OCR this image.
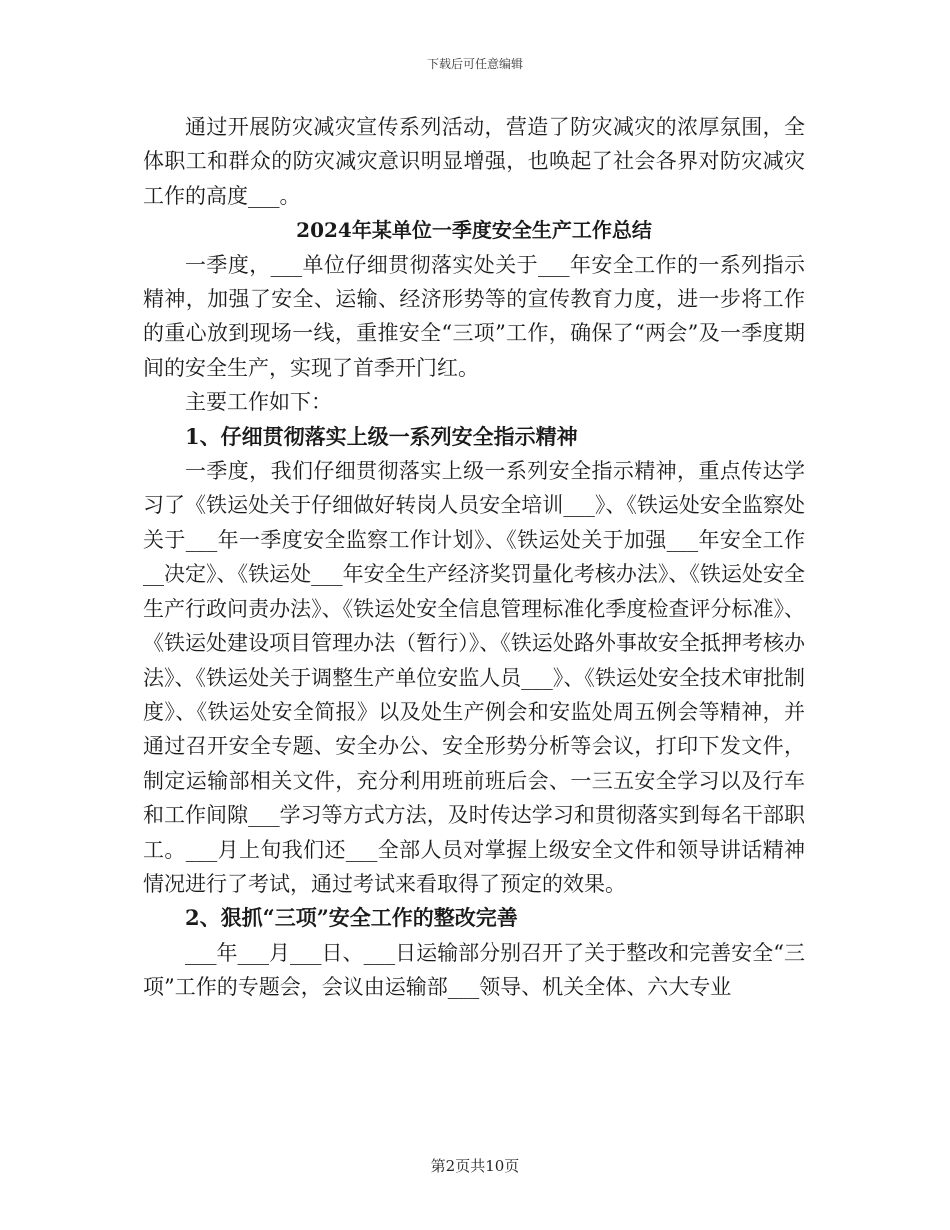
下载后可任意编辑

通过开展防灾减灾宣传系列活动，营造了防灾减灾的浓厚氛围，全体职工和群众的防灾减灾意识明显增强，也唤起了社会各界对防灾减灾工作的高度___。

2024年某单位一季度安全生产工作总结

一季度，___单位仔细贯彻落实处关于___年安全工作的一系列指示精神，加强了安全、运输、经济形势等的宣传教育力度，进一步将工作的重心放到现场一线，重推安全“三项”工作，确保了“两会”及一季度期间的安全生产，实现了首季开门红。

主要工作如下：

1、仔细贯彻落实上级一系列安全指示精神

一季度，我们仔细贯彻落实上级一系列安全指示精神，重点传达学习了《铁运处关于仔细做好转岗人员安全培训___》、《铁运处安全监察处关于___年一季度安全监察工作计划》、《铁运处关于加强___年安全工作__决定》、《铁运处___年安全生产经济奖罚量化考核办法》、《铁运处安全生产行政问责办法》、《铁运处安全信息管理标准化季度检查评分标准》、《铁运处建设项目管理办法（暂行）》、《铁运处路外事故安全抵押考核办法》、《铁运处关于调整生产单位安监人员___》、《铁运处安全技术审批制度》、《铁运处安全简报》以及处生产例会和安监处周五例会等精神，并通过召开安全专题、安全办公、安全形势分析等会议，打印下发文件，制定运输部相关文件，充分利用班前班后会、一三五安全学习以及行车和工作间隙___学习等方式方法，及时传达学习和贯彻落实到每名干部职工。___月上旬我们还___全部人员对掌握上级安全文件和领导讲话精神情况进行了考试，通过考试来看取得了预定的效果。

2、狠抓“三项”安全工作的整改完善

___年___月___日、___日运输部分别召开了关于整改和完善安全“三项”工作的专题会，会议由运输部___领导、机关全体、六大专业

第2页共10页
